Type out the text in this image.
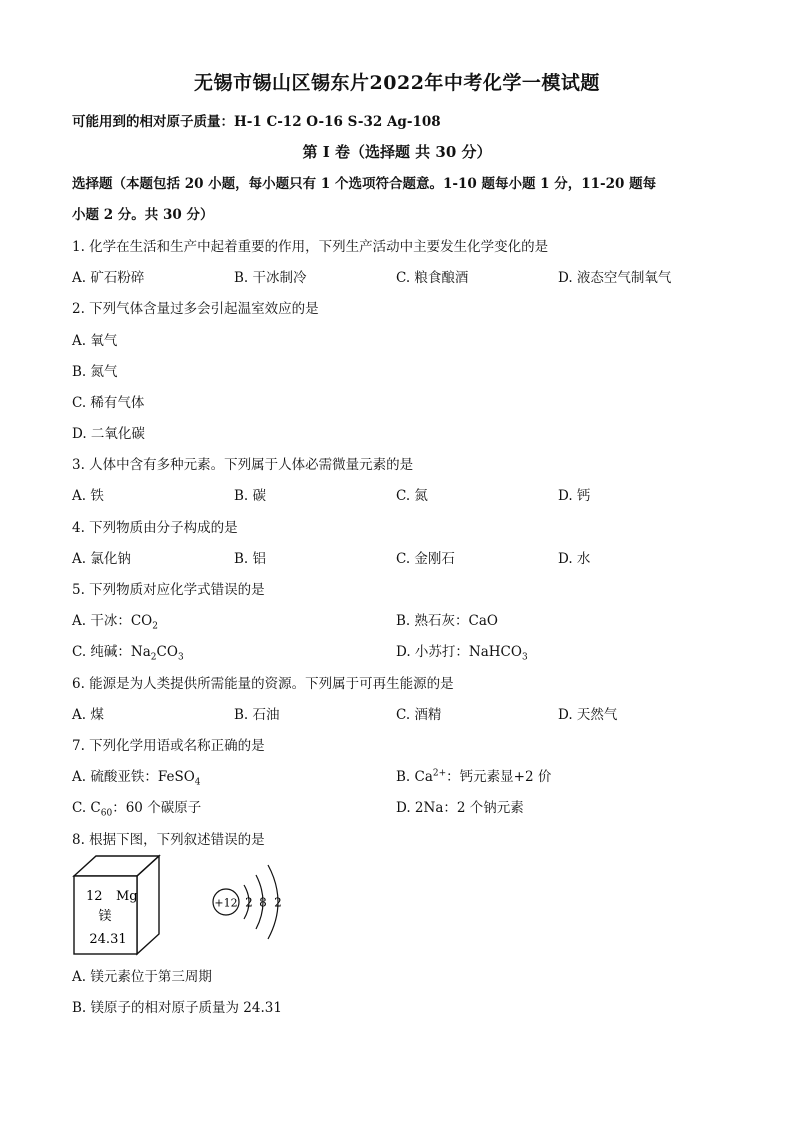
无锡市锡山区锡东片2022年中考化学一模试题
可能用到的相对原子质量：H-1 C-12 O-16 S-32 Ag-108
第 I 卷（选择题 共 30 分）
选择题（本题包括 20 小题，每小题只有 1 个选项符合题意。1-10 题每小题 1 分，11-20 题每
小题 2 分。共 30 分）
1. 化学在生活和生产中起着重要的作用，下列生产活动中主要发生化学变化的是
A. 矿石粉碎	B. 干冰制冷	C. 粮食酿酒	D. 液态空气制氧气
2. 下列气体含量过多会引起温室效应的是
A. 氧气
B. 氮气
C. 稀有气体
D. 二氧化碳
3. 人体中含有多种元素。下列属于人体必需微量元素的是
A. 铁	B. 碳	C. 氮	D. 钙
4. 下列物质由分子构成的是
A. 氯化钠	B. 铝	C. 金刚石	D. 水
5. 下列物质对应化学式错误的是
A. 干冰：$CO_2$	B. 熟石灰：CaO
C. 纯碱：$Na_2CO_3$	D. 小苏打：NaHCO$_3$
6. 能源是为人类提供所需能量的资源。下列属于可再生能源的是
A. 煤	B. 石油	C. 酒精	D. 天然气
7. 下列化学用语或名称正确的是
A. 硫酸亚铁：FeSO$_4$	B. $Ca^{2+}$：钙元素显+2 价
C. $C_{60}$：60 个碳原子	D. 2Na：2 个钠元素
8. 根据下图，下列叙述错误的是
12 Mg
镁
24.31
+12 2 8 2
A. 镁元素位于第三周期
B. 镁原子的相对原子质量为 24.31
